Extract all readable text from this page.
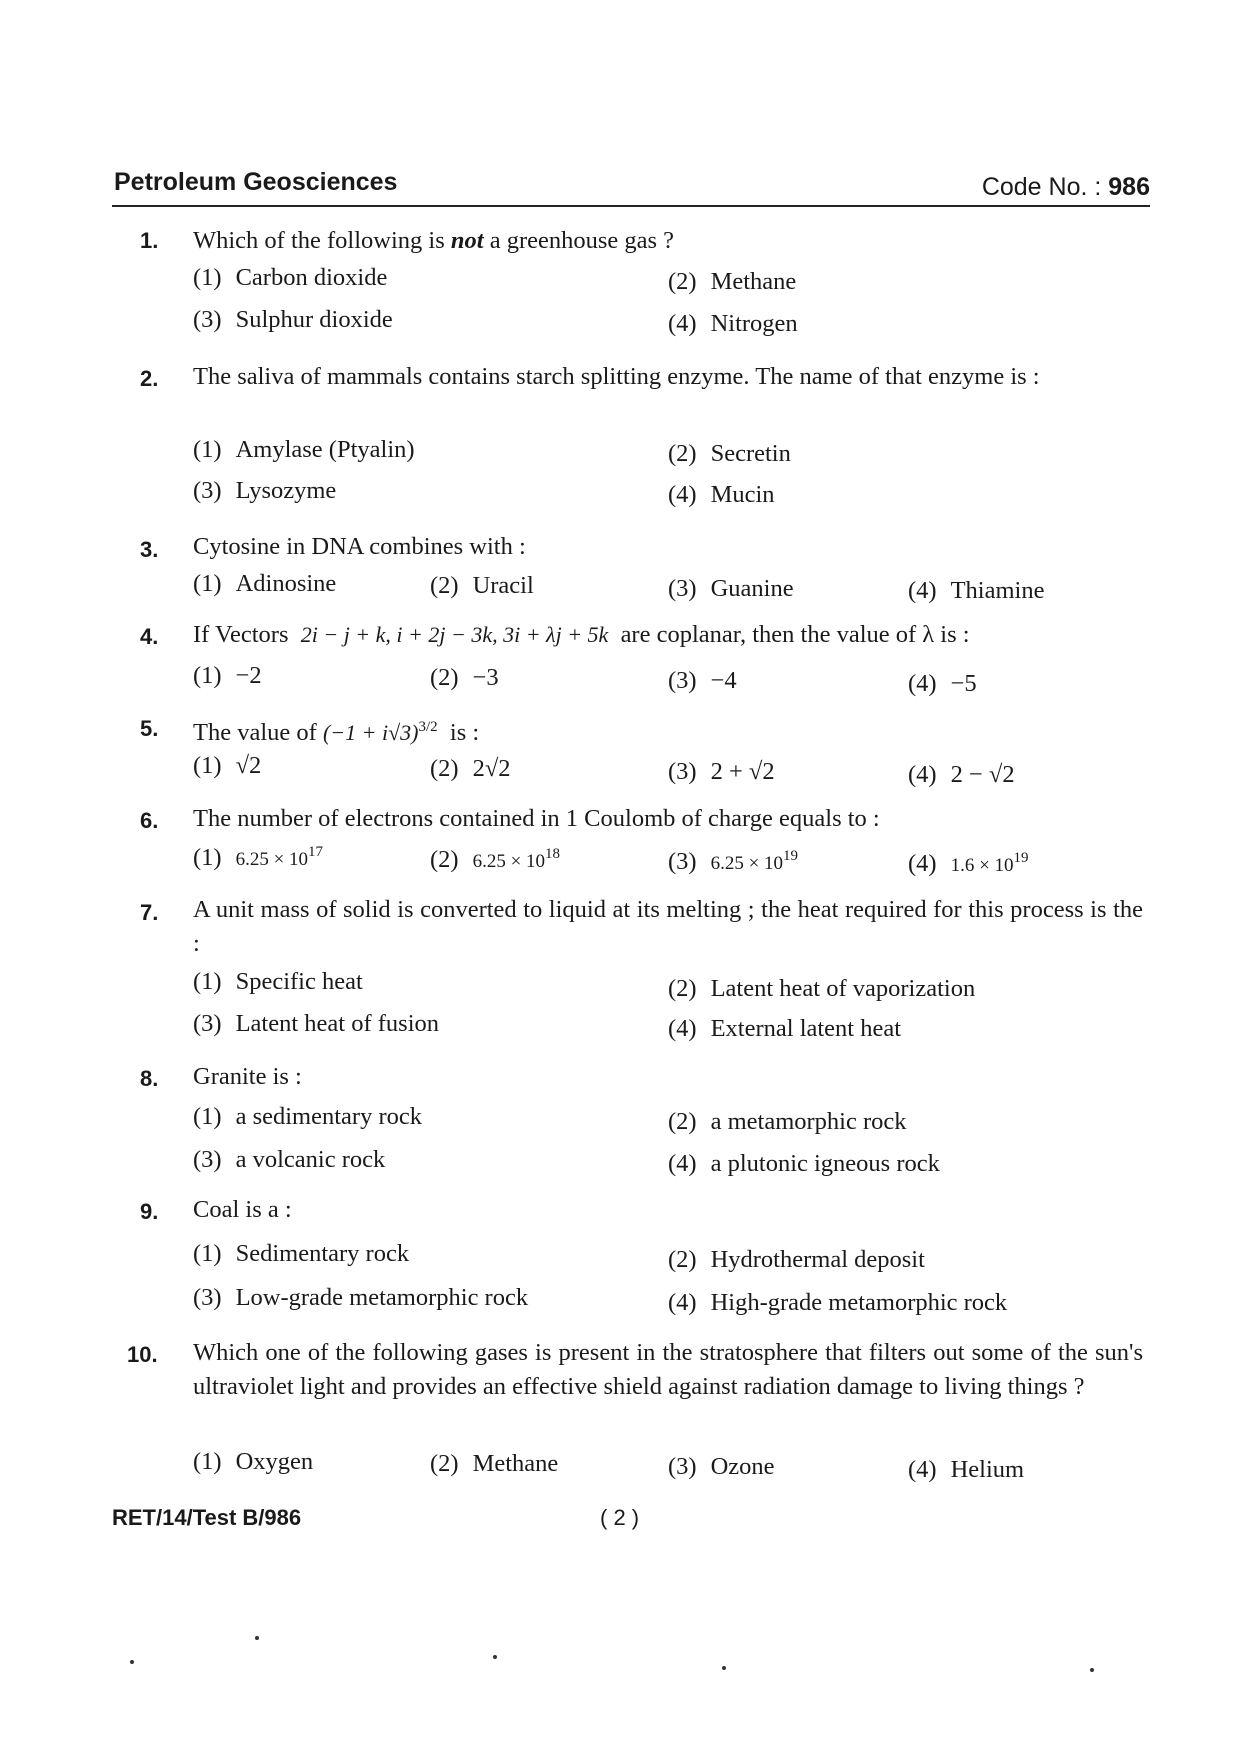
Petroleum Geosciences	Code No. : 986
1.	Which of the following is not a greenhouse gas ?
(1) Carbon dioxide	(2) Methane
(3) Sulphur dioxide	(4) Nitrogen
2.	The saliva of mammals contains starch splitting enzyme. The name of that enzyme is :
(1) Amylase (Ptyalin)	(2) Secretin
(3) Lysozyme	(4) Mucin
3.	Cytosine in DNA combines with :
(1) Adinosine	(2) Uracil	(3) Guanine	(4) Thiamine
4.	If Vectors 2i − j + k, i + 2j − 3k, 3i + λj + 5k are coplanar, then the value of λ is :
(1) −2	(2) −3	(3) −4	(4) −5
5.	The value of $(-1 + i√3)^{3/2}$ is :
(1) √2	(2) 2√2	(3) 2 + √2	(4) 2 − √2
6.	The number of electrons contained in 1 Coulomb of charge equals to :
(1) $6.25 \times 10^{17}$	(2) $6.25 \times 10^{18}$	(3) $6.25 \times 10^{19}$	(4) $1.6 \times 10^{19}$
7.	A unit mass of solid is converted to liquid at its melting ; the heat required for this process is the :
(1) Specific heat	(2) Latent heat of vaporization
(3) Latent heat of fusion	(4) External latent heat
8.	Granite is :
(1) a sedimentary rock	(2) a metamorphic rock
(3) a volcanic rock	(4) a plutonic igneous rock
9.	Coal is a :
(1) Sedimentary rock	(2) Hydrothermal deposit
(3) Low-grade metamorphic rock	(4) High-grade metamorphic rock
10.	Which one of the following gases is present in the stratosphere that filters out some of the sun's ultraviolet light and provides an effective shield against radiation damage to living things ?
(1) Oxygen	(2) Methane	(3) Ozone	(4) Helium
RET/14/Test B/986	( 2 )
